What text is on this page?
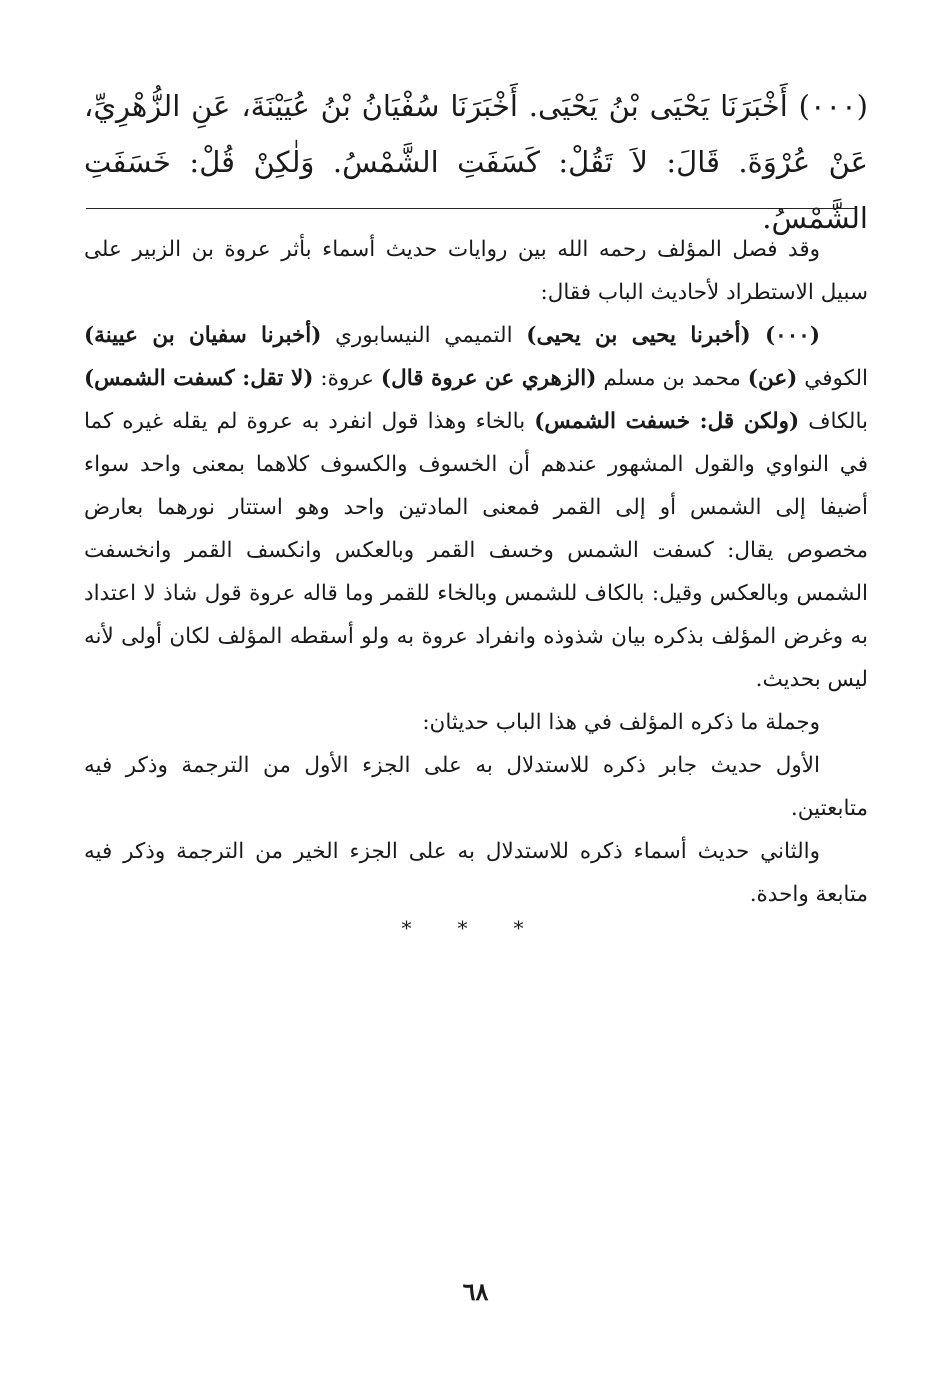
(٠٠٠) أَخْبَرَنَا يَحْيَى بْنُ يَحْيَى. أَخْبَرَنَا سُفْيَانُ بْنُ عُيَيْنَةَ، عَنِ الزُّهْرِيِّ، عَنْ عُرْوَةَ. قَالَ: لاَ تَقُلْ: كَسَفَتِ الشَّمْسُ. وَلٰكِنْ قُلْ: خَسَفَتِ الشَّمْسُ.

وقد فصل المؤلف رحمه الله بين روايات حديث أسماء بأثر عروة بن الزبير على سبيل الاستطراد لأحاديث الباب فقال:

(٠٠٠) (أخبرنا يحيى بن يحيى) التميمي النيسابوري (أخبرنا سفيان بن عيينة) الكوفي (عن) محمد بن مسلم (الزهري عن عروة قال) عروة: (لا تقل: كسفت الشمس) بالكاف (ولكن قل: خسفت الشمس) بالخاء وهذا قول انفرد به عروة لم يقله غيره كما في النواوي والقول المشهور عندهم أن الخسوف والكسوف كلاهما بمعنى واحد سواء أضيفا إلى الشمس أو إلى القمر فمعنى المادتين واحد وهو استتار نورهما بعارض مخصوص يقال: كسفت الشمس وخسف القمر وبالعكس وانكسف القمر وانخسفت الشمس وبالعكس وقيل: بالكاف للشمس وبالخاء للقمر وما قاله عروة قول شاذ لا اعتداد به وغرض المؤلف بذكره بيان شذوذه وانفراد عروة به ولو أسقطه المؤلف لكان أولى لأنه ليس بحديث.

وجملة ما ذكره المؤلف في هذا الباب حديثان:

الأول حديث جابر ذكره للاستدلال به على الجزء الأول من الترجمة وذكر فيه متابعتين.

والثاني حديث أسماء ذكره للاستدلال به على الجزء الخير من الترجمة وذكر فيه متابعة واحدة.

* * *
٦٨
